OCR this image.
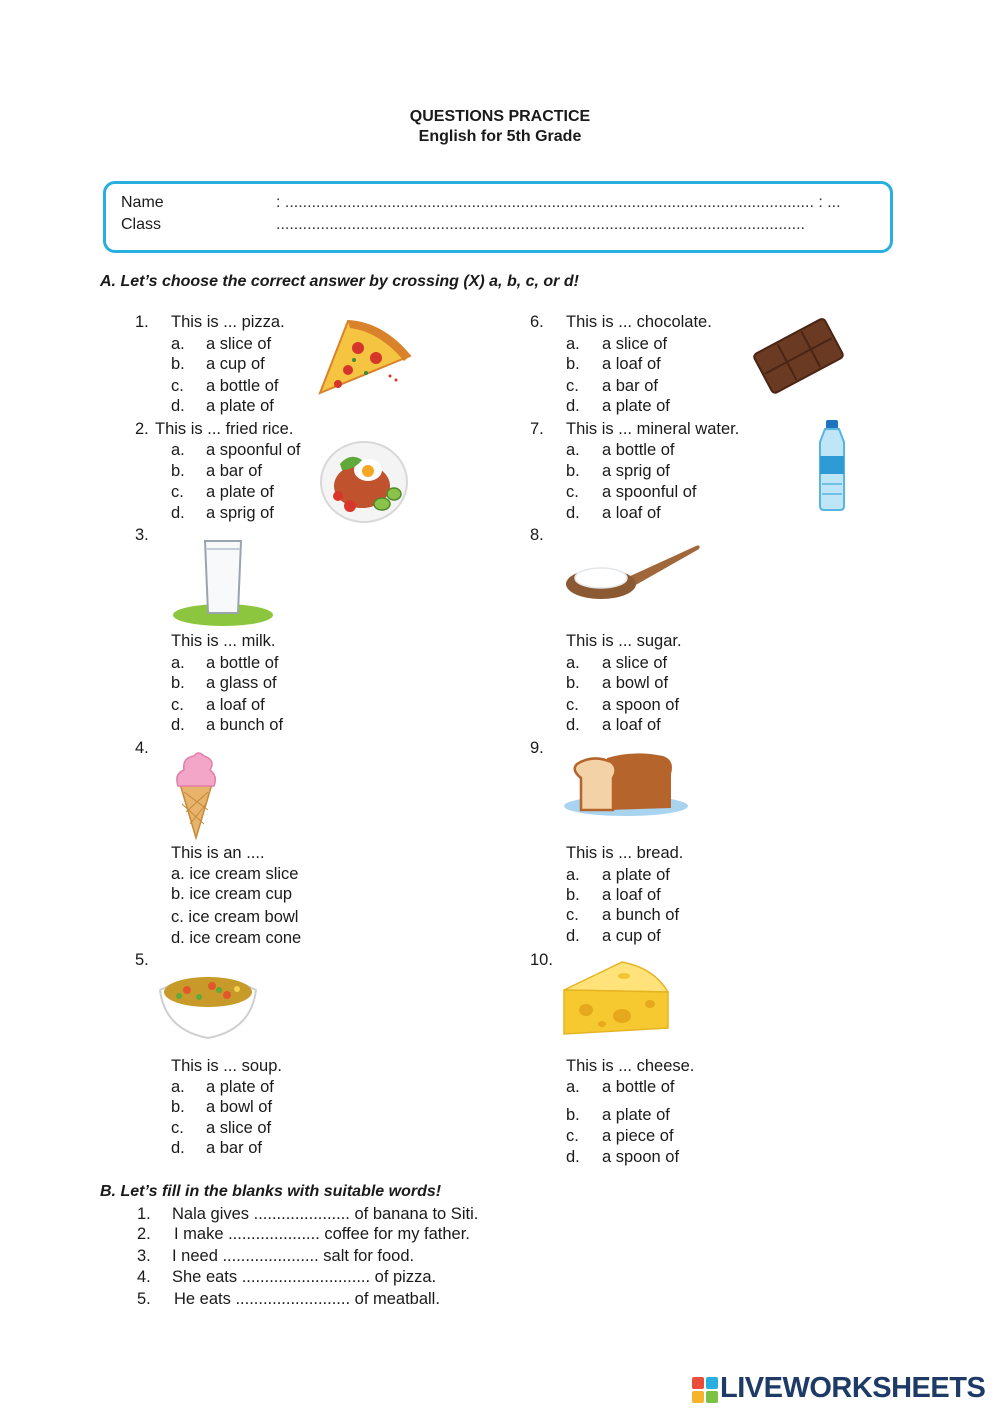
QUESTIONS PRACTICE
English for 5th Grade
Name	: ....................................................................................................................... : ...
Class	.......................................................................................................................
A. Let’s choose the correct answer by crossing (X) a, b, c, or d!
1. This is ... pizza.
a. a slice of
b. a cup of
c. a bottle of
d. a plate of
2. This is ... fried rice.
a. a spoonful of
b. a bar of
c. a plate of
d. a sprig of
3.
This is ... milk.
a. a bottle of
b. a glass of
c. a loaf of
d. a bunch of
4.
This is an ....
a. ice cream slice
b. ice cream cup
c. ice cream bowl
d. ice cream cone
5.
This is ... soup.
a. a plate of
b. a bowl of
c. a slice of
d. a bar of
6. This is ... chocolate.
a. a slice of
b. a loaf of
c. a bar of
d. a plate of
7. This is ... mineral water.
a. a bottle of
b. a sprig of
c. a spoonful of
d. a loaf of
8.
This is ... sugar.
a. a slice of
b. a bowl of
c. a spoon of
d. a loaf of
9.
This is ... bread.
a. a plate of
b. a loaf of
c. a bunch of
d. a cup of
10.
This is ... cheese.
a. a bottle of
b. a plate of
c. a piece of
d. a spoon of
B. Let’s fill in the blanks with suitable words!
1. Nala gives ..................... of banana to Siti.
2. I make .................... coffee for my father.
3. I need ..................... salt for food.
4. She eats ............................ of pizza.
5. He eats ......................... of meatball.
LIVEWORKSHEETS
